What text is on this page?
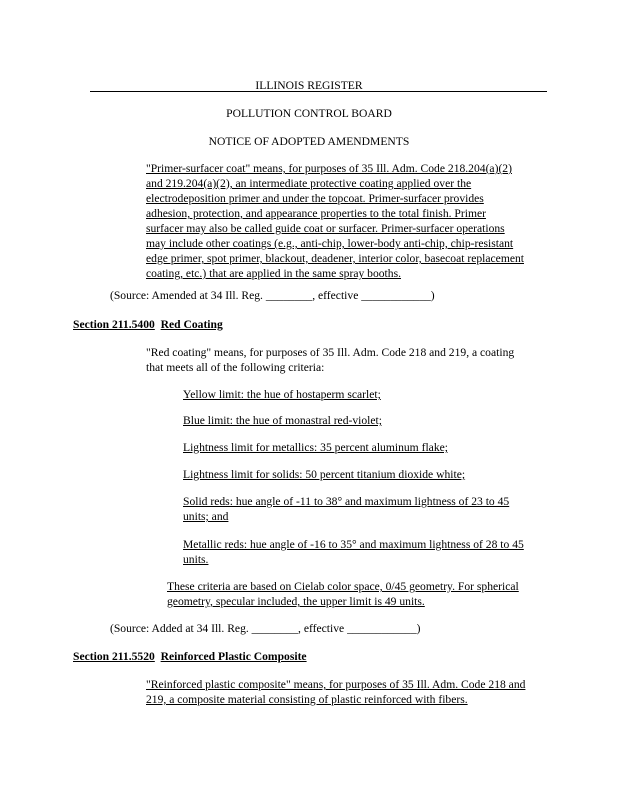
ILLINOIS REGISTER
POLLUTION CONTROL BOARD
NOTICE OF ADOPTED AMENDMENTS
"Primer-surfacer coat" means, for purposes of 35 Ill. Adm. Code 218.204(a)(2)
and 219.204(a)(2), an intermediate protective coating applied over the
electrodeposition primer and under the topcoat. Primer-surfacer provides
adhesion, protection, and appearance properties to the total finish. Primer
surfacer may also be called guide coat or surfacer. Primer-surfacer operations
may include other coatings (e.g., anti-chip, lower-body anti-chip, chip-resistant
edge primer, spot primer, blackout, deadener, interior color, basecoat replacement
coating, etc.) that are applied in the same spray booths.
(Source: Amended at 34 Ill. Reg. ________, effective ____________)
Section 211.5400 Red Coating
"Red coating" means, for purposes of 35 Ill. Adm. Code 218 and 219, a coating
that meets all of the following criteria:
Yellow limit: the hue of hostaperm scarlet;
Blue limit: the hue of monastral red-violet;
Lightness limit for metallics: 35 percent aluminum flake;
Lightness limit for solids: 50 percent titanium dioxide white;
Solid reds: hue angle of -11 to 38° and maximum lightness of 23 to 45
units; and
Metallic reds: hue angle of -16 to 35° and maximum lightness of 28 to 45
units.
These criteria are based on Cielab color space, 0/45 geometry. For spherical
geometry, specular included, the upper limit is 49 units.
(Source: Added at 34 Ill. Reg. ________, effective ____________)
Section 211.5520 Reinforced Plastic Composite
"Reinforced plastic composite" means, for purposes of 35 Ill. Adm. Code 218 and
219, a composite material consisting of plastic reinforced with fibers.
